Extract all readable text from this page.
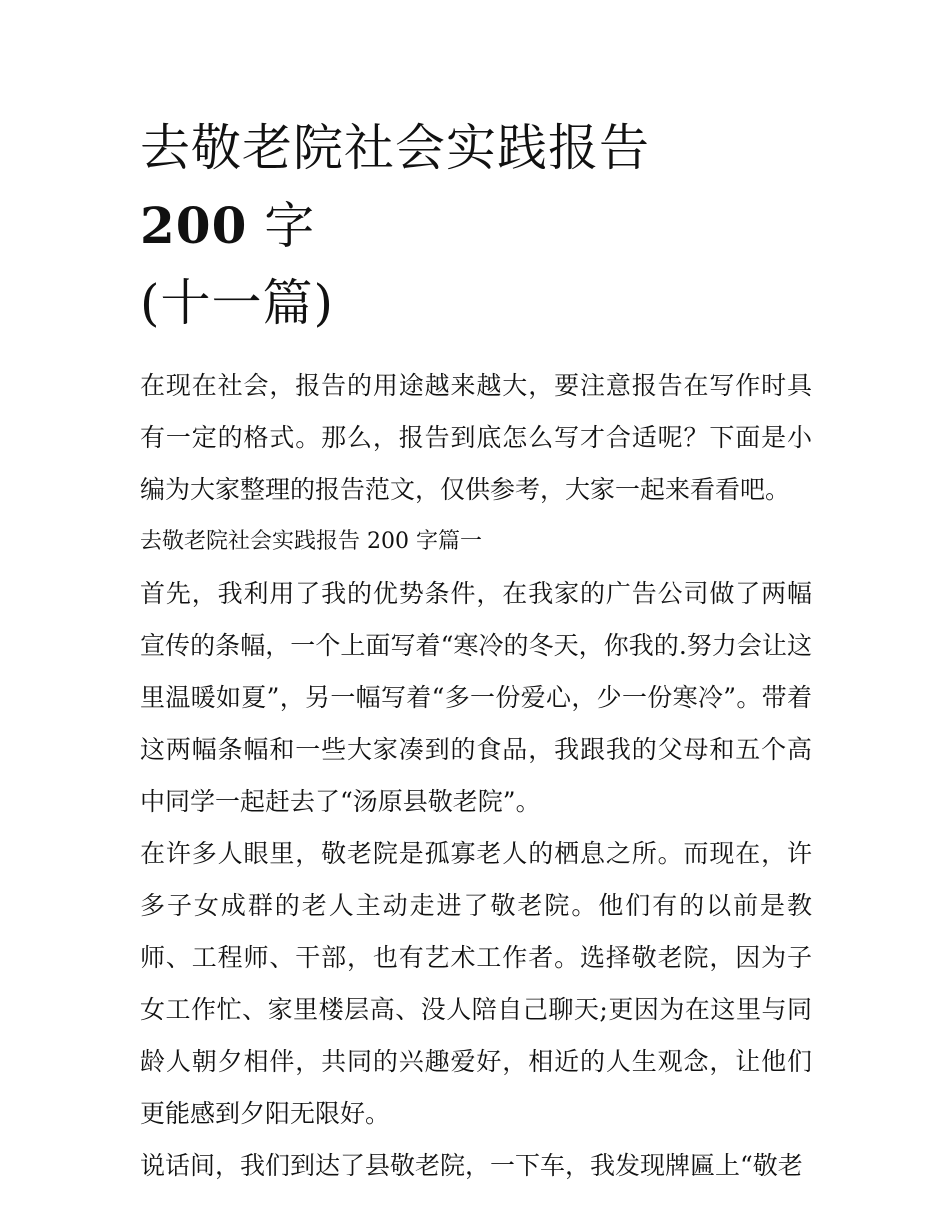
去敬老院社会实践报告200 字
(十一篇)

在现在社会，报告的用途越来越大，要注意报告在写作时具有一定的格式。那么，报告到底怎么写才合适呢？下面是小编为大家整理的报告范文，仅供参考，大家一起来看看吧。

去敬老院社会实践报告 200 字篇一

首先，我利用了我的优势条件，在我家的广告公司做了两幅宣传的条幅，一个上面写着“寒冷的冬天，你我的.努力会让这里温暖如夏”，另一幅写着“多一份爱心，少一份寒冷”。带着这两幅条幅和一些大家凑到的食品，我跟我的父母和五个高中同学一起赶去了“汤原县敬老院”。

在许多人眼里，敬老院是孤寡老人的栖息之所。而现在，许多子女成群的老人主动走进了敬老院。他们有的以前是教师、工程师、干部，也有艺术工作者。选择敬老院，因为子女工作忙、家里楼层高、没人陪自己聊天;更因为在这里与同龄人朝夕相伴，共同的兴趣爱好，相近的人生观念，让他们更能感到夕阳无限好。

说话间，我们到达了县敬老院，一下车，我发现牌匾上“敬老
